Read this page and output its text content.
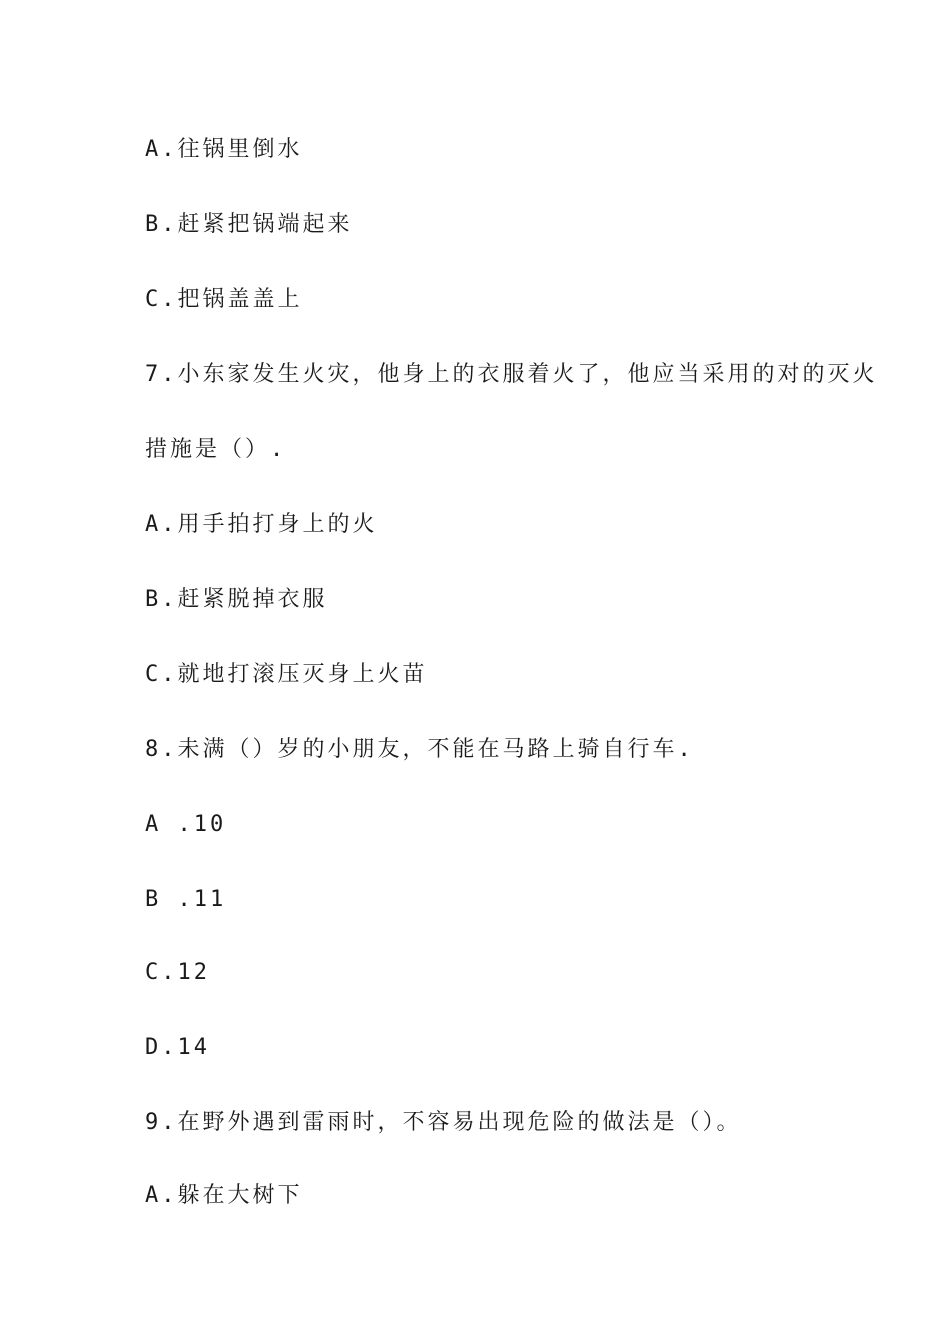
A.往锅里倒水

B.赶紧把锅端起来

C.把锅盖盖上

7.小东家发生火灾，他身上的衣服着火了，他应当采用的对的灭火

措施是（）.

A.用手拍打身上的火

B.赶紧脱掉衣服

C.就地打滚压灭身上火苗

8.未满（）岁的小朋友，不能在马路上骑自行车.

A .10

B .11

C.12

D.14

9.在野外遇到雷雨时，不容易出现危险的做法是（）。

A.躲在大树下
